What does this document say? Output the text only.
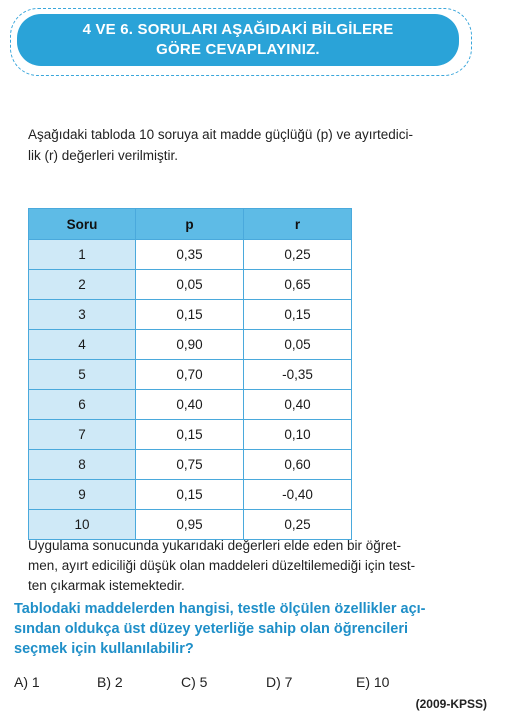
4 VE 6. SORULARI AŞAĞIDAKİ BİLGİLERE
GÖRE CEVAPLAYINIZ.
Aşağıdaki tabloda 10 soruya ait madde güçlüğü (p) ve ayırtedici-
lik (r) değerleri verilmiştir.
Soru	p	r
1	0,35	0,25
2	0,05	0,65
3	0,15	0,15
4	0,90	0,05
5	0,70	-0,35
6	0,40	0,40
7	0,15	0,10
8	0,75	0,60
9	0,15	-0,40
10	0,95	0,25
Uygulama sonucunda yukarıdaki değerleri elde eden bir öğret-
men, ayırt ediciliği düşük olan maddeleri düzeltilemediği için test-
ten çıkarmak istemektedir.
Tablodaki maddelerden hangisi, testle ölçülen özellikler açı-
sından oldukça üst düzey yeterliğe sahip olan öğrencileri
seçmek için kullanılabilir?
A) 1	B) 2	C) 5	D) 7	E) 10
(2009-KPSS)
